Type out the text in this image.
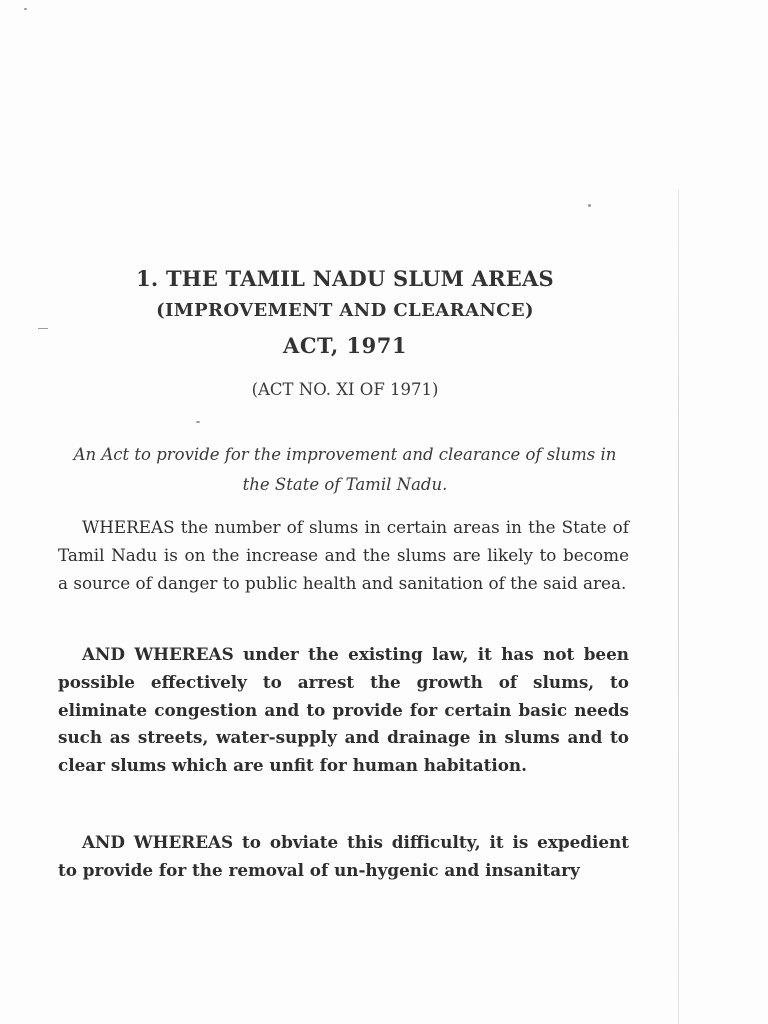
1. THE TAMIL NADU SLUM AREAS
(IMPROVEMENT AND CLEARANCE)
ACT, 1971
(ACT NO. XI OF 1971)
An Act to provide for the improvement and clearance of slums in the State of Tamil Nadu.

WHEREAS the number of slums in certain areas in the State of Tamil Nadu is on the increase and the slums are likely to become a source of danger to public health and sanitation of the said area.

AND WHEREAS under the existing law, it has not been possible effectively to arrest the growth of slums, to eliminate congestion and to provide for certain basic needs such as streets, water-supply and drainage in slums and to clear slums which are unfit for human habitation.

AND WHEREAS to obviate this difficulty, it is expedient to provide for the removal of un-hygenic and insanitary
